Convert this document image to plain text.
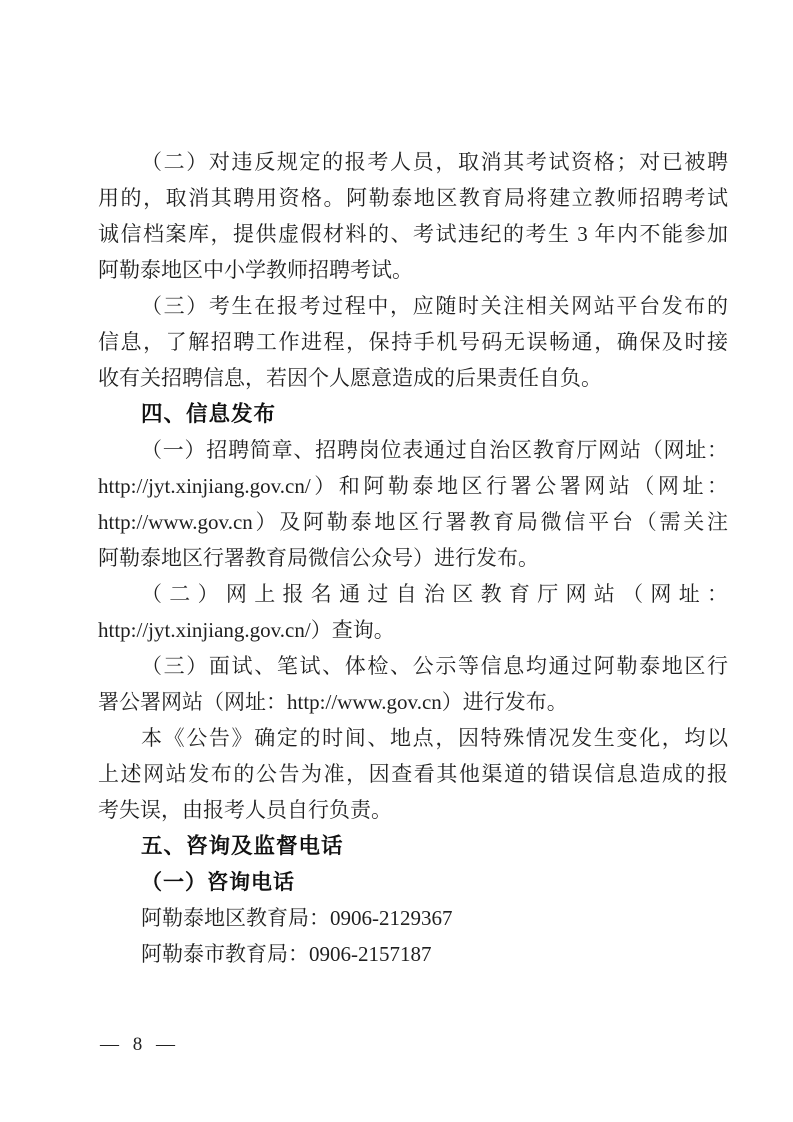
（二）对违反规定的报考人员，取消其考试资格；对已被聘
用的，取消其聘用资格。阿勒泰地区教育局将建立教师招聘考试
诚信档案库，提供虚假材料的、考试违纪的考生 3 年内不能参加
阿勒泰地区中小学教师招聘考试。
（三）考生在报考过程中，应随时关注相关网站平台发布的
信息，了解招聘工作进程，保持手机号码无误畅通，确保及时接
收有关招聘信息，若因个人愿意造成的后果责任自负。
四、信息发布
（一）招聘简章、招聘岗位表通过自治区教育厅网站（网址：
http://jyt.xinjiang.gov.cn/）和阿勒泰地区行署公署网站（网址：
http://www.gov.cn）及阿勒泰地区行署教育局微信平台（需关注
阿勒泰地区行署教育局微信公众号）进行发布。
（二）网上报名通过自治区教育厅网站（网址：
http://jyt.xinjiang.gov.cn/）查询。
（三）面试、笔试、体检、公示等信息均通过阿勒泰地区行
署公署网站（网址：http://www.gov.cn）进行发布。
本《公告》确定的时间、地点，因特殊情况发生变化，均以
上述网站发布的公告为准，因查看其他渠道的错误信息造成的报
考失误，由报考人员自行负责。
五、咨询及监督电话
（一）咨询电话
阿勒泰地区教育局：0906-2129367
阿勒泰市教育局：0906-2157187
— 8 —
